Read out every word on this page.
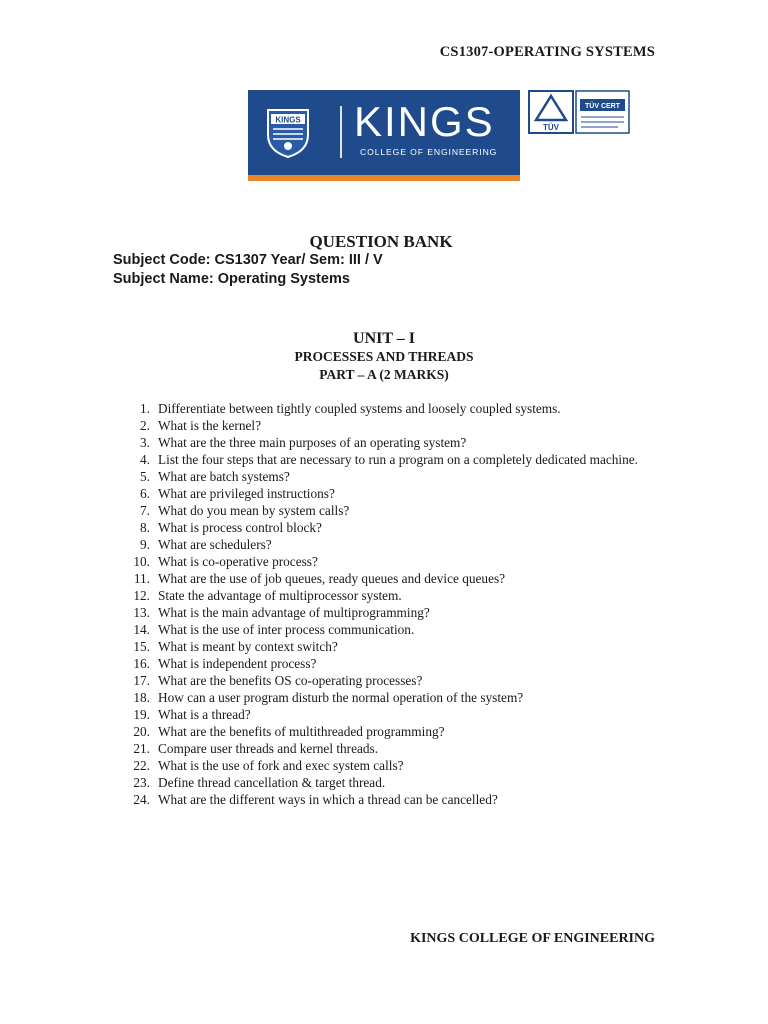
CS1307-OPERATING SYSTEMS
KINGS KINGS
COLLEGE OF ENGINEERING
TÜV
TÜV CERT
QUESTION BANK
Subject Code: CS1307 Year/ Sem: III / V
Subject Name: Operating Systems
UNIT – I
PROCESSES AND THREADS
PART – A (2 MARKS)
1. Differentiate between tightly coupled systems and loosely coupled systems.
2. What is the kernel?
3. What are the three main purposes of an operating system?
4. List the four steps that are necessary to run a program on a completely dedicated machine.
5. What are batch systems?
6. What are privileged instructions?
7. What do you mean by system calls?
8. What is process control block?
9. What are schedulers?
10. What is co-operative process?
11. What are the use of job queues, ready queues and device queues?
12. State the advantage of multiprocessor system.
13. What is the main advantage of multiprogramming?
14. What is the use of inter process communication.
15. What is meant by context switch?
16. What is independent process?
17. What are the benefits OS co-operating processes?
18. How can a user program disturb the normal operation of the system?
19. What is a thread?
20. What are the benefits of multithreaded programming?
21. Compare user threads and kernel threads.
22. What is the use of fork and exec system calls?
23. Define thread cancellation & target thread.
24. What are the different ways in which a thread can be cancelled?
KINGS COLLEGE OF ENGINEERING
